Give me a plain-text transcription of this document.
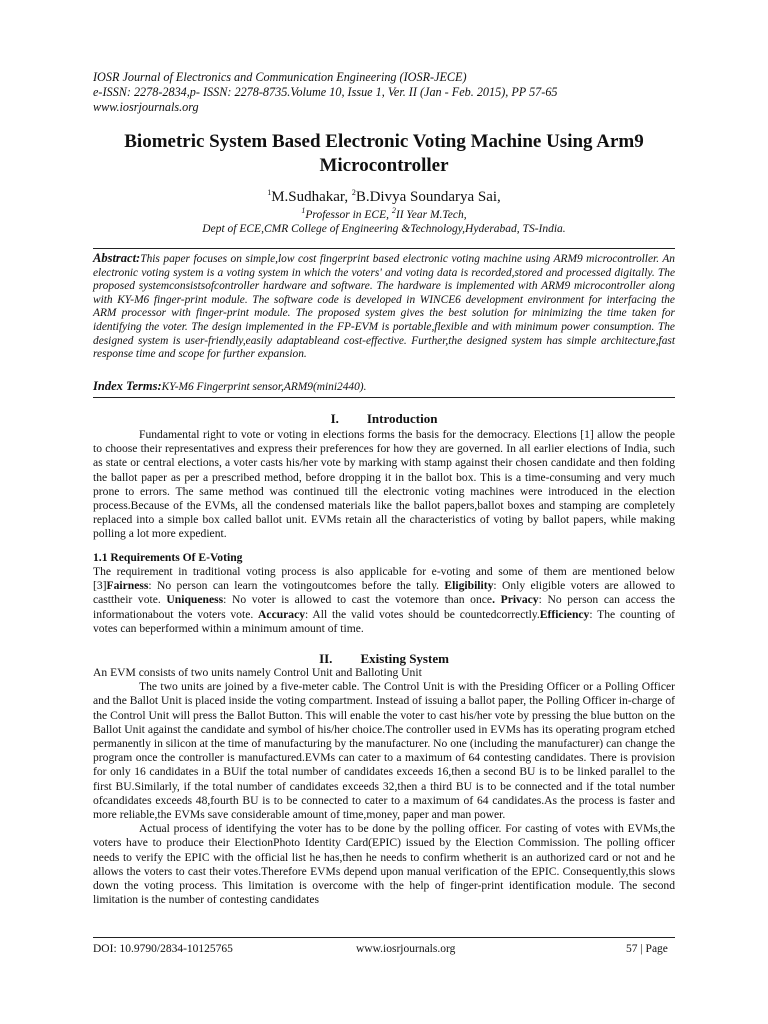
IOSR Journal of Electronics and Communication Engineering (IOSR-JECE)
e-ISSN: 2278-2834,p- ISSN: 2278-8735.Volume 10, Issue 1, Ver. II (Jan - Feb. 2015), PP 57-65
www.iosrjournals.org
Biometric System Based Electronic Voting Machine Using Arm9 Microcontroller
$^1$M.Sudhakar, $^2$B.Divya Soundarya Sai,
$^1$Professor in ECE, $^2$II Year M.Tech,
Dept of ECE,CMR College of Engineering &Technology,Hyderabad, TS-India.
Abstract:This paper focuses on simple,low cost fingerprint based electronic voting machine using ARM9 microcontroller. An electronic voting system is a voting system in which the voters' and voting data is recorded,stored and processed digitally. The proposed systemconsistsofcontroller hardware and software. The hardware is implemented with ARM9 microcontroller along with KY-M6 finger-print module. The software code is developed in WINCE6 development environment for interfacing the ARM processor with finger-print module. The proposed system gives the best solution for minimizing the time taken for identifying the voter. The design implemented in the FP-EVM is portable,flexible and with minimum power consumption. The designed system is user-friendly,easily adaptableand cost-effective. Further,the designed system has simple architecture,fast response time and scope for further expansion.
Index Terms:KY-M6 Fingerprint sensor,ARM9(mini2440).
I. Introduction

Fundamental right to vote or voting in elections forms the basis for the democracy. Elections [1] allow the people to choose their representatives and express their preferences for how they are governed. In all earlier elections of India, such as state or central elections, a voter casts his/her vote by marking with stamp against their chosen candidate and then folding the ballot paper as per a prescribed method, before dropping it in the ballot box. This is a time-consuming and very much prone to errors. The same method was continued till the electronic voting machines were introduced in the election process.Because of the EVMs, all the condensed materials like the ballot papers,ballot boxes and stamping are completely replaced into a simple box called ballot unit. EVMs retain all the characteristics of voting by ballot papers, while making polling a lot more expedient.

1.1 Requirements Of E-Voting

The requirement in traditional voting process is also applicable for e-voting and some of them are mentioned below [3]Fairness: No person can learn the votingoutcomes before the tally. Eligibility: Only eligible voters are allowed to casttheir vote. Uniqueness: No voter is allowed to cast the votemore than once. Privacy: No person can access the informationabout the voters vote. Accuracy: All the valid votes should be countedcorrectly.Efficiency: The counting of votes can beperformed within a minimum amount of time.

II. Existing System

An EVM consists of two units namely Control Unit and Balloting Unit

The two units are joined by a five-meter cable. The Control Unit is with the Presiding Officer or a Polling Officer and the Ballot Unit is placed inside the voting compartment. Instead of issuing a ballot paper, the Polling Officer in-charge of the Control Unit will press the Ballot Button. This will enable the voter to cast his/her vote by pressing the blue button on the Ballot Unit against the candidate and symbol of his/her choice.The controller used in EVMs has its operating program etched permanently in silicon at the time of manufacturing by the manufacturer. No one (including the manufacturer) can change the program once the controller is manufactured.EVMs can cater to a maximum of 64 contesting candidates. There is provision for only 16 candidates in a BUif the total number of candidates exceeds 16,then a second BU is to be linked parallel to the first BU.Similarly, if the total number of candidates exceeds 32,then a third BU is to be connected and if the total number ofcandidates exceeds 48,fourth BU is to be connected to cater to a maximum of 64 candidates.As the process is faster and more reliable,the EVMs save considerable amount of time,money, paper and man power.

Actual process of identifying the voter has to be done by the polling officer. For casting of votes with EVMs,the voters have to produce their ElectionPhoto Identity Card(EPIC) issued by the Election Commission. The polling officer needs to verify the EPIC with the official list he has,then he needs to confirm whetherit is an authorized card or not and he allows the voters to cast their votes.Therefore EVMs depend upon manual verification of the EPIC. Consequently,this slows down the voting process. This limitation is overcome with the help of finger-print identification module. The second limitation is the number of contesting candidates

DOI: 10.9790/2834-10125765	www.iosrjournals.org	57 | Page
